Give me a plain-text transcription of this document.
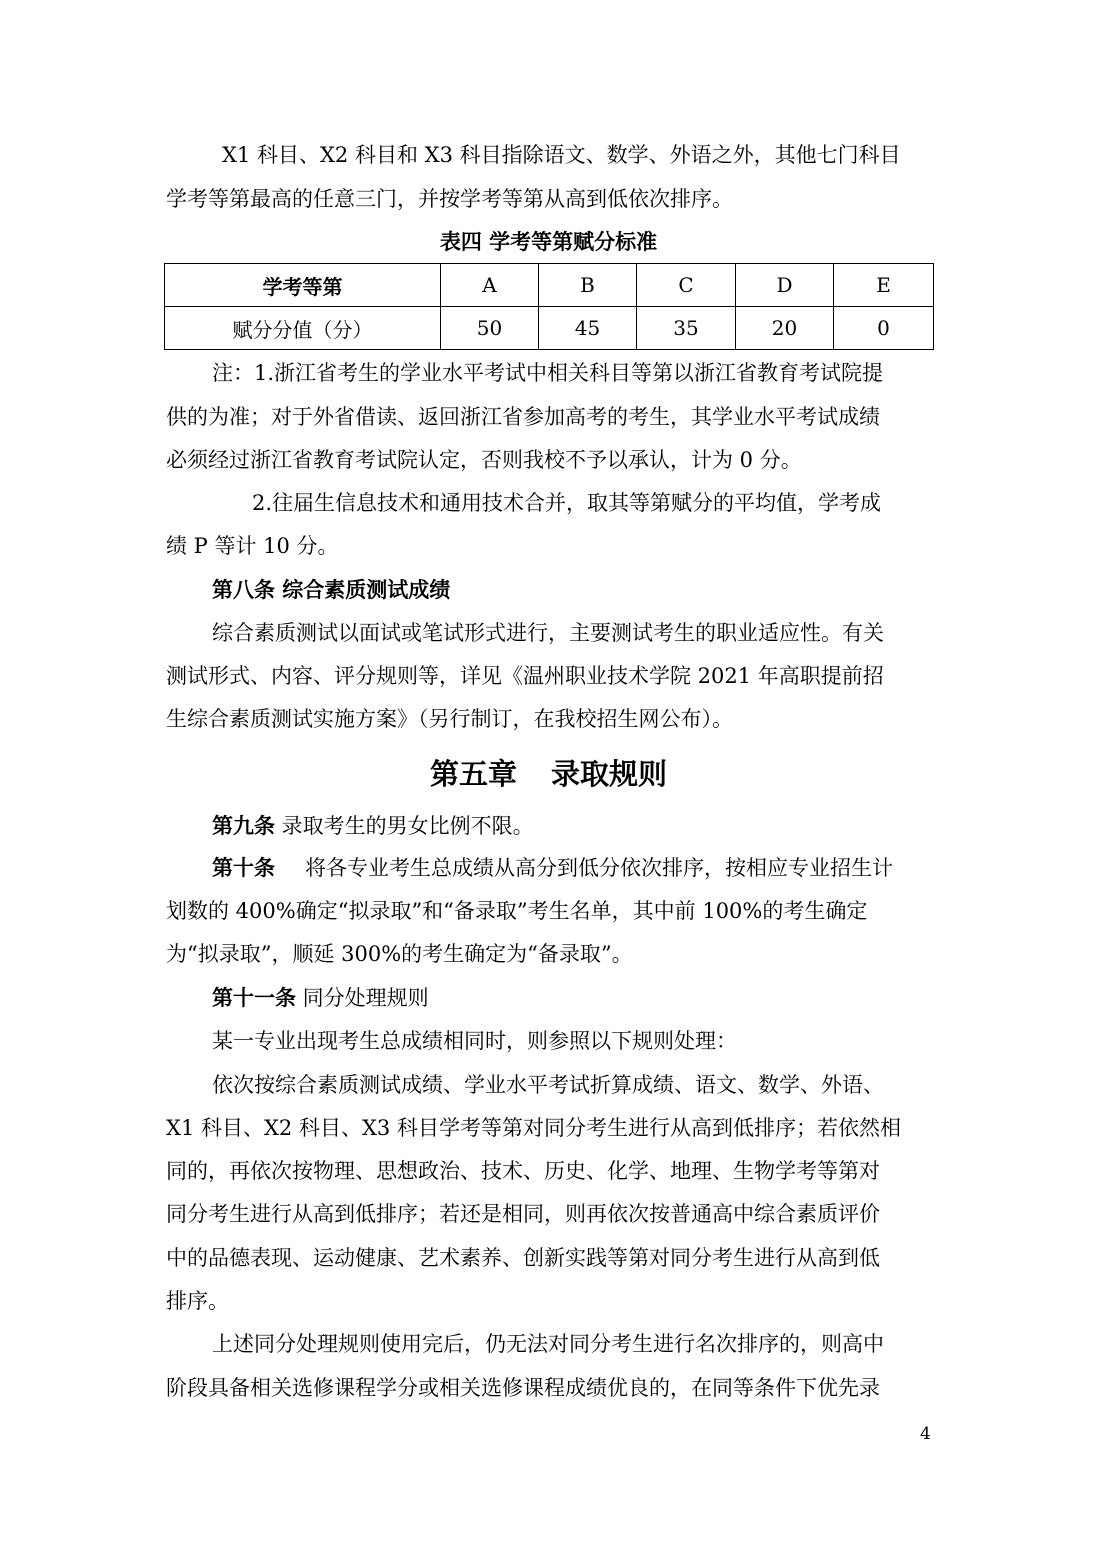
X1 科目、X2 科目和 X3 科目指除语文、数学、外语之外，其他七门科目
学考等第最高的任意三门，并按学考等第从高到低依次排序。
表四 学考等第赋分标准
学考等第	A	B	C	D	E
赋分分值（分）	50	45	35	20	0
注：1.浙江省考生的学业水平考试中相关科目等第以浙江省教育考试院提
供的为准；对于外省借读、返回浙江省参加高考的考生，其学业水平考试成绩
必须经过浙江省教育考试院认定，否则我校不予以承认，计为 0 分。
2.往届生信息技术和通用技术合并，取其等第赋分的平均值，学考成
绩 P 等计 10 分。
第八条 综合素质测试成绩
综合素质测试以面试或笔试形式进行，主要测试考生的职业适应性。有关
测试形式、内容、评分规则等，详见《温州职业技术学院 2021 年高职提前招
生综合素质测试实施方案》（另行制订，在我校招生网公布）。
第五章 录取规则
第九条 录取考生的男女比例不限。
第十条 将各专业考生总成绩从高分到低分依次排序，按相应专业招生计
划数的 400%确定“拟录取”和“备录取”考生名单，其中前 100%的考生确定
为“拟录取”，顺延 300%的考生确定为“备录取”。
第十一条 同分处理规则
某一专业出现考生总成绩相同时，则参照以下规则处理：
依次按综合素质测试成绩、学业水平考试折算成绩、语文、数学、外语、
X1 科目、X2 科目、X3 科目学考等第对同分考生进行从高到低排序；若依然相
同的，再依次按物理、思想政治、技术、历史、化学、地理、生物学考等第对
同分考生进行从高到低排序；若还是相同，则再依次按普通高中综合素质评价
中的品德表现、运动健康、艺术素养、创新实践等第对同分考生进行从高到低
排序。
上述同分处理规则使用完后，仍无法对同分考生进行名次排序的，则高中
阶段具备相关选修课程学分或相关选修课程成绩优良的，在同等条件下优先录
4
